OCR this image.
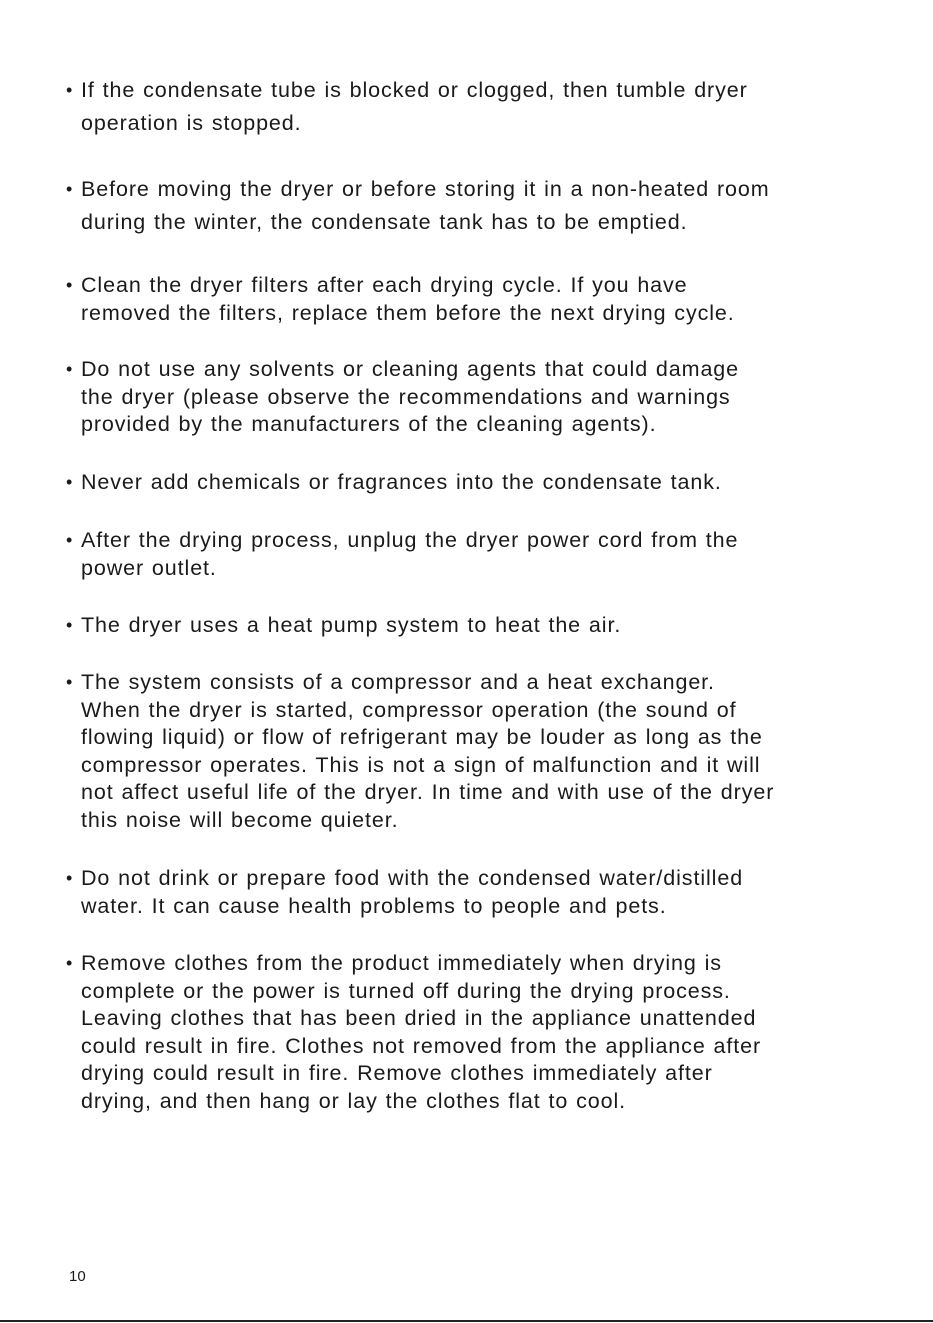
• If the condensate tube is blocked or clogged, then tumble dryer
operation is stopped.
• Before moving the dryer or before storing it in a non-heated room
during the winter, the condensate tank has to be emptied.
• Clean the dryer filters after each drying cycle. If you have
removed the filters, replace them before the next drying cycle.
• Do not use any solvents or cleaning agents that could damage
the dryer (please observe the recommendations and warnings
provided by the manufacturers of the cleaning agents).
• Never add chemicals or fragrances into the condensate tank.
• After the drying process, unplug the dryer power cord from the
power outlet.
• The dryer uses a heat pump system to heat the air.
• The system consists of a compressor and a heat exchanger.
When the dryer is started, compressor operation (the sound of
flowing liquid) or flow of refrigerant may be louder as long as the
compressor operates. This is not a sign of malfunction and it will
not affect useful life of the dryer. In time and with use of the dryer
this noise will become quieter.
• Do not drink or prepare food with the condensed water/distilled
water. It can cause health problems to people and pets.
• Remove clothes from the product immediately when drying is
complete or the power is turned off during the drying process.
Leaving clothes that has been dried in the appliance unattended
could result in fire. Clothes not removed from the appliance after
drying could result in fire. Remove clothes immediately after
drying, and then hang or lay the clothes flat to cool.
10
